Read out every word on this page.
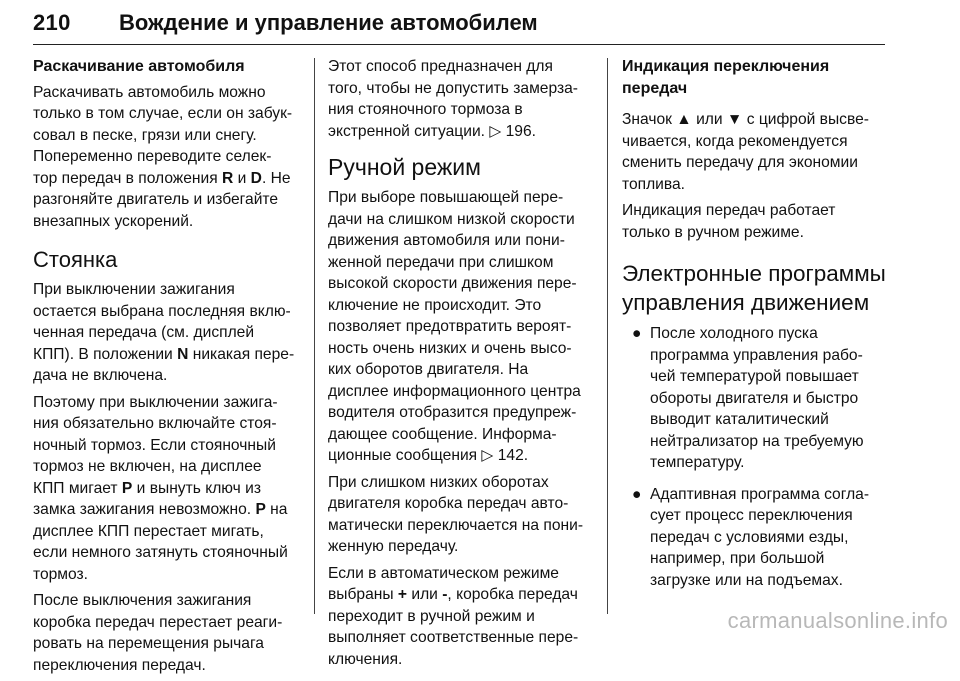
210 Вождение и управление автомобилем
Раскачивание автомобиля

Раскачивать автомобиль можно
только в том случае, если он забук-
совал в песке, грязи или снегу.
Попеременно переводите селек-
тор передач в положения R и D. Не
разгоняйте двигатель и избегайте
внезапных ускорений.

Стоянка

При выключении зажигания
остается выбрана последняя вклю-
ченная передача (см. дисплей
КПП). В положении N никакая пере-
дача не включена.

Поэтому при выключении зажига-
ния обязательно включайте стоя-
ночный тормоз. Если стояночный
тормоз не включен, на дисплее
КПП мигает P и вынуть ключ из
замка зажигания невозможно. P на
дисплее КПП перестает мигать,
если немного затянуть стояночный
тормоз.

После выключения зажигания
коробка передач перестает реаги-
ровать на перемещения рычага
переключения передач.

Этот способ предназначен для
того, чтобы не допустить замерза-
ния стояночного тормоза в
экстренной ситуации. ▷ 196.

Ручной режим

При выборе повышающей пере-
дачи на слишком низкой скорости
движения автомобиля или пони-
женной передачи при слишком
высокой скорости движения пере-
ключение не происходит. Это
позволяет предотвратить вероят-
ность очень низких и очень высо-
ких оборотов двигателя. На
дисплее информационного центра
водителя отобразится предупреж-
дающее сообщение. Информа-
ционные сообщения ▷ 142.

При слишком низких оборотах
двигателя коробка передач авто-
матически переключается на пони-
женную передачу.

Если в автоматическом режиме
выбраны + или -, коробка передач
переходит в ручной режим и
выполняет соответственные пере-
ключения.

Индикация переключения
передач

Значок ▲ или ▼ с цифрой высве-
чивается, когда рекомендуется
сменить передачу для экономии
топлива.

Индикация передач работает
только в ручном режиме.

Электронные программы
управления движением
● После холодного пуска
программа управления рабо-
чей температурой повышает
обороты двигателя и быстро
выводит каталитический
нейтрализатор на требуемую
температуру.
● Адаптивная программа согла-
сует процесс переключения
передач с условиями езды,
например, при большой
загрузке или на подъемах.
carmanualsonline.info
